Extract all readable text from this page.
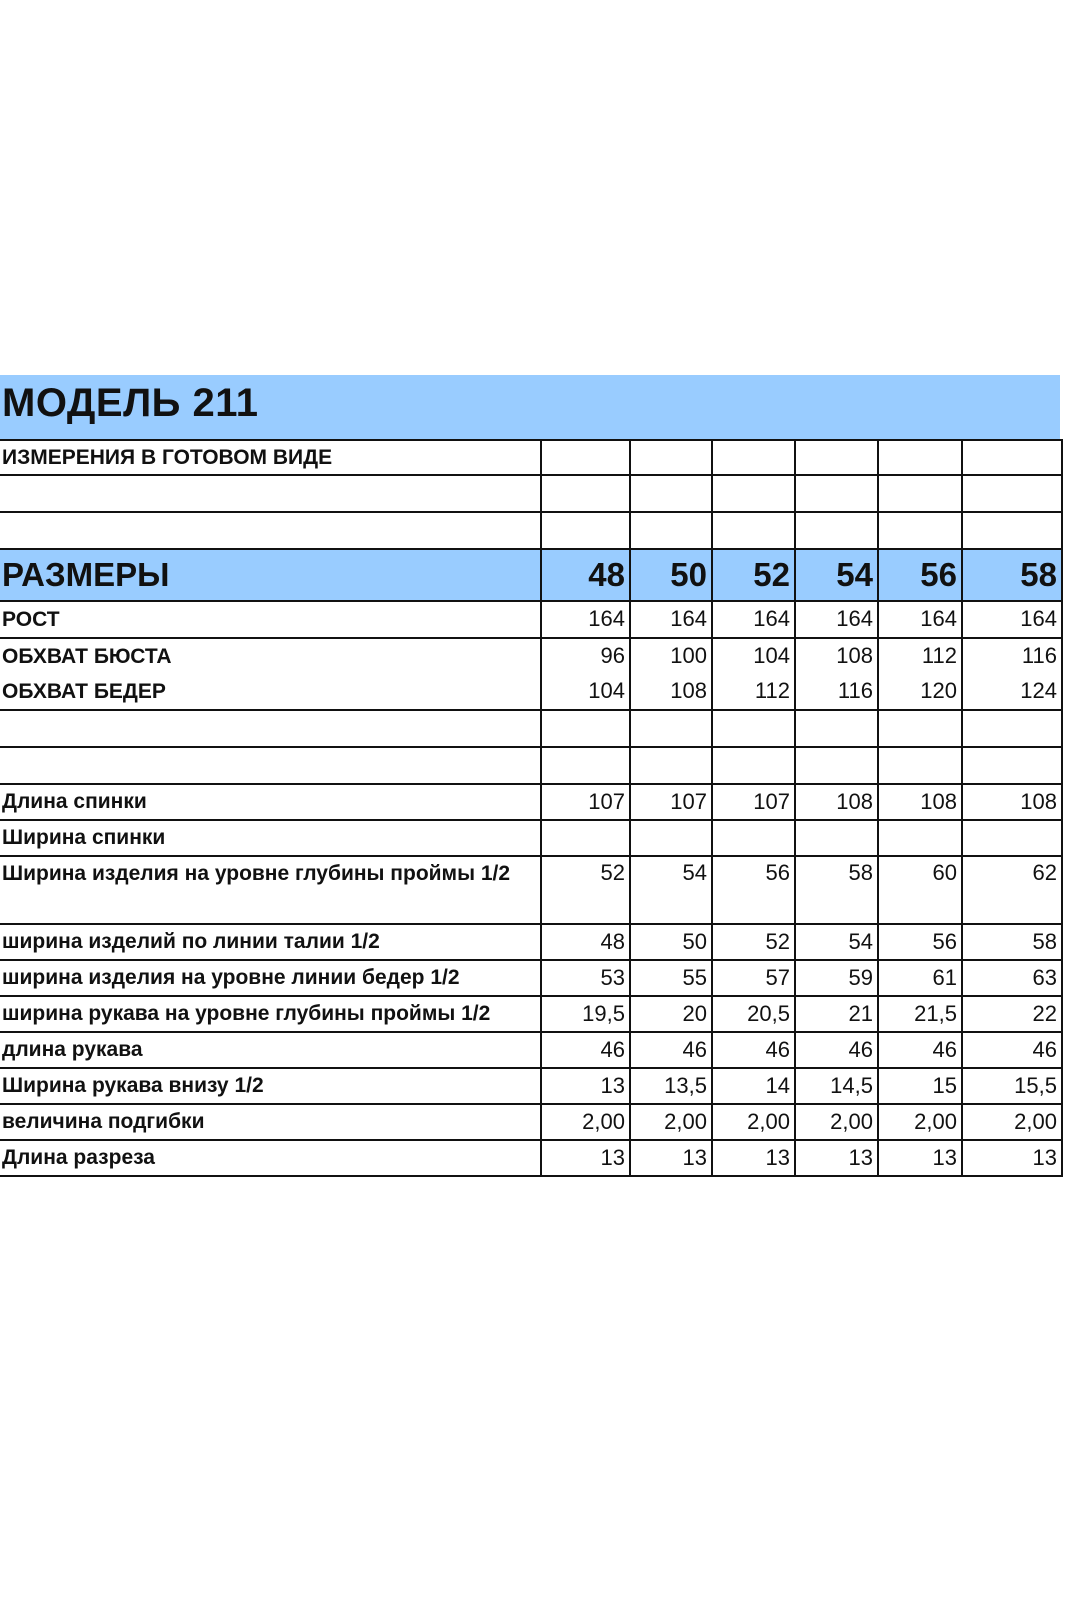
МОДЕЛЬ 211
ИЗМЕРЕНИЯ В ГОТОВОМ ВИДЕ						

РАЗМЕРЫ	48	50	52	54	56	58
РОСТ	164	164	164	164	164	164
ОБХВАТ БЮСТА	96	100	104	108	112	116
ОБХВАТ БЕДЕР	104	108	112	116	120	124

Длина спинки	107	107	107	108	108	108
Ширина спинки						
Ширина изделия на уровне глубины проймы 1/2	52	54	56	58	60	62
ширина изделий по линии талии 1/2	48	50	52	54	56	58
ширина изделия на уровне линии бедер 1/2	53	55	57	59	61	63
ширина рукава на уровне глубины проймы 1/2	19,5	20	20,5	21	21,5	22
длина рукава	46	46	46	46	46	46
Ширина рукава внизу 1/2	13	13,5	14	14,5	15	15,5
величина подгибки	2,00	2,00	2,00	2,00	2,00	2,00
Длина разреза	13	13	13	13	13	13
